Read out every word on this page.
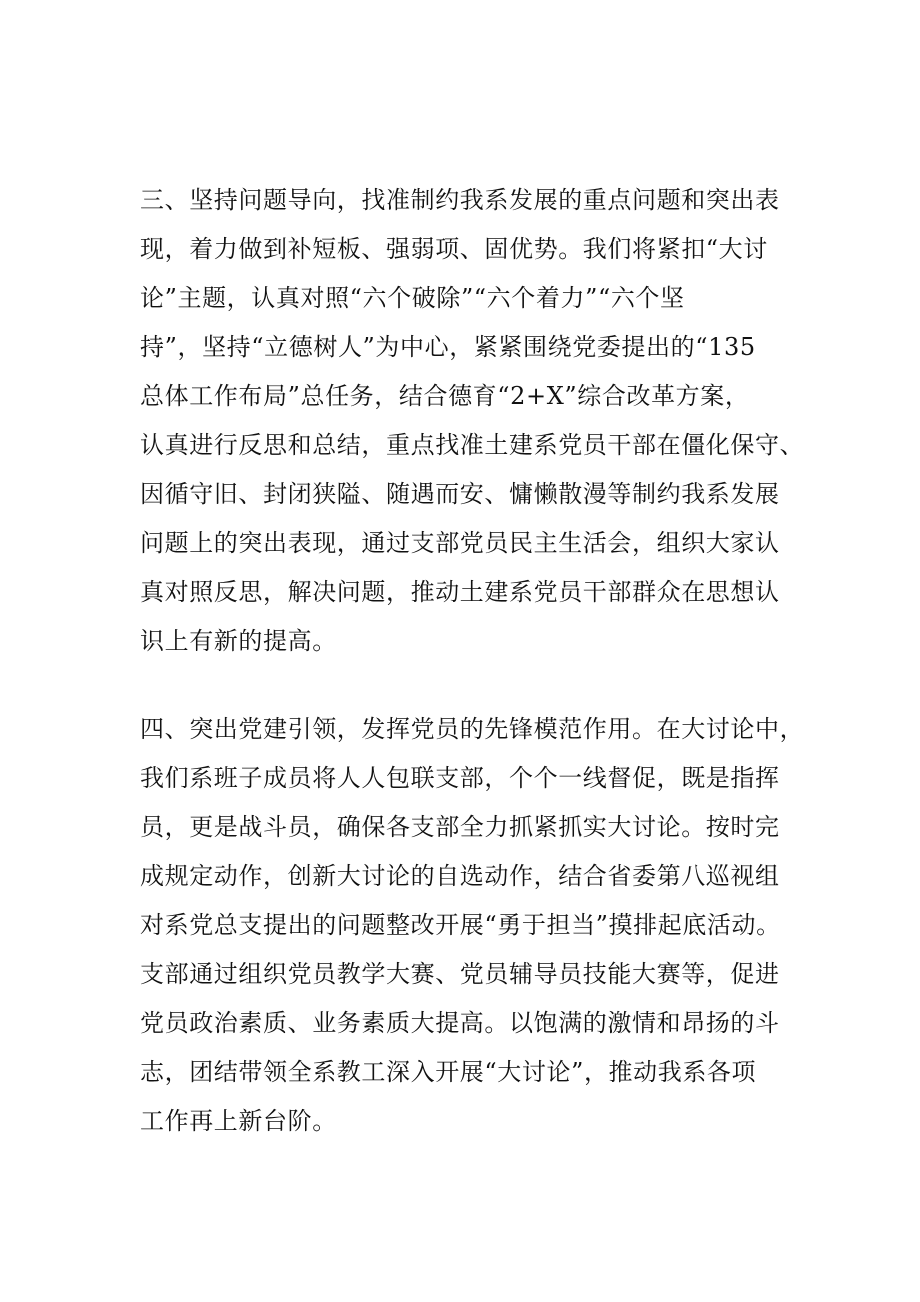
三、坚持问题导向，找准制约我系发展的重点问题和突出表
现，着力做到补短板、强弱项、固优势。我们将紧扣“大讨
论”主题，认真对照“六个破除”“六个着力”“六个坚
持”，坚持“立德树人”为中心，紧紧围绕党委提出的“135
总体工作布局”总任务，结合德育“2+X”综合改革方案，
认真进行反思和总结，重点找准土建系党员干部在僵化保守、
因循守旧、封闭狭隘、随遇而安、慵懒散漫等制约我系发展
问题上的突出表现，通过支部党员民主生活会，组织大家认
真对照反思，解决问题，推动土建系党员干部群众在思想认
识上有新的提高。
四、突出党建引领，发挥党员的先锋模范作用。在大讨论中，
我们系班子成员将人人包联支部，个个一线督促，既是指挥
员，更是战斗员，确保各支部全力抓紧抓实大讨论。按时完
成规定动作，创新大讨论的自选动作，结合省委第八巡视组
对系党总支提出的问题整改开展“勇于担当”摸排起底活动。
支部通过组织党员教学大赛、党员辅导员技能大赛等，促进
党员政治素质、业务素质大提高。以饱满的激情和昂扬的斗
志，团结带领全系教工深入开展“大讨论”，推动我系各项
工作再上新台阶。
